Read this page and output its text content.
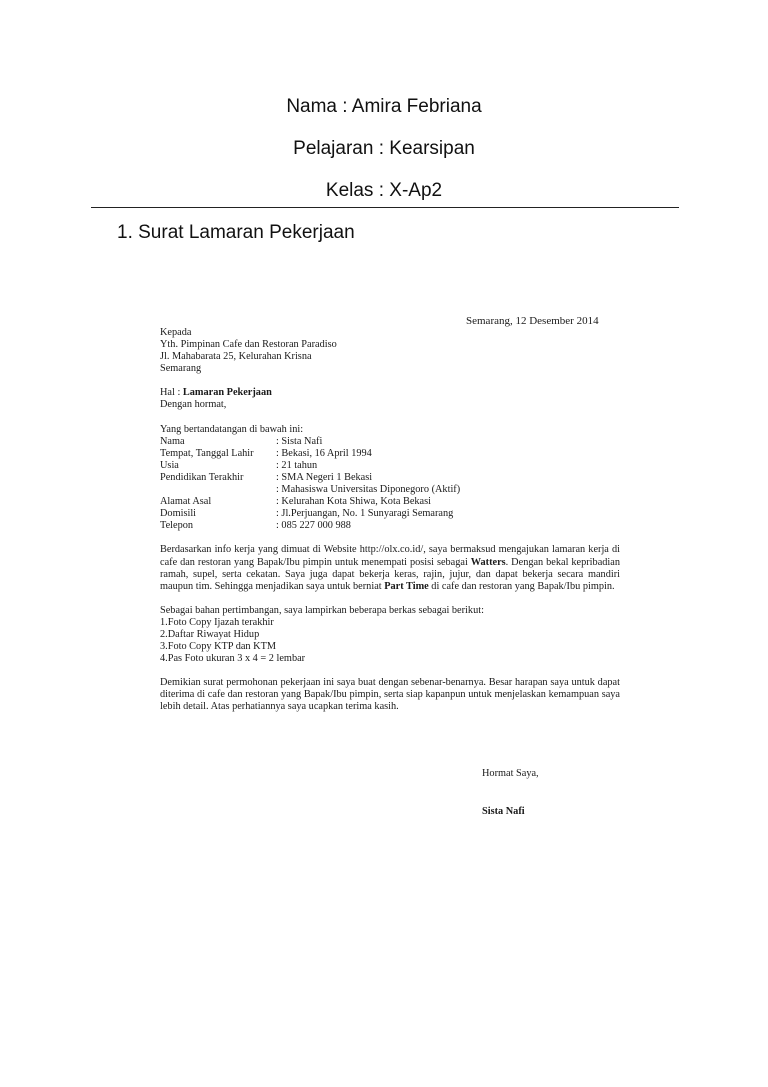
Nama : Amira Febriana
Pelajaran : Kearsipan
Kelas : X-Ap2
1. Surat Lamaran Pekerjaan
Semarang, 12 Desember 2014
Kepada
Yth. Pimpinan Cafe dan Restoran Paradiso
Jl. Mahabarata 25, Kelurahan Krisna
Semarang
Hal : Lamaran Pekerjaan
Dengan hormat,
Yang bertandatangan di bawah ini:
Nama	: Sista Nafi
Tempat, Tanggal Lahir	: Bekasi, 16 April 1994
Usia	: 21 tahun
Pendidikan Terakhir	: SMA Negeri 1 Bekasi
: Mahasiswa Universitas Diponegoro (Aktif)
Alamat Asal	: Kelurahan Kota Shiwa, Kota Bekasi
Domisili	: Jl.Perjuangan, No. 1 Sunyaragi Semarang
Telepon	: 085 227 000 988
Berdasarkan info kerja yang dimuat di Website http://olx.co.id/, saya bermaksud mengajukan lamaran kerja di cafe dan restoran yang Bapak/Ibu pimpin untuk menempati posisi sebagai Watters. Dengan bekal kepribadian ramah, supel, serta cekatan. Saya juga dapat bekerja keras, rajin, jujur, dan dapat bekerja secara mandiri maupun tim. Sehingga menjadikan saya untuk berniat Part Time di cafe dan restoran yang Bapak/Ibu pimpin.
Sebagai bahan pertimbangan, saya lampirkan beberapa berkas sebagai berikut:
1.Foto Copy Ijazah terakhir
2.Daftar Riwayat Hidup
3.Foto Copy KTP dan KTM
4.Pas Foto ukuran 3 x 4 = 2 lembar
Demikian surat permohonan pekerjaan ini saya buat dengan sebenar-benarnya. Besar harapan saya untuk dapat diterima di cafe dan restoran yang Bapak/Ibu pimpin, serta siap kapanpun untuk menjelaskan kemampuan saya lebih detail. Atas perhatiannya saya ucapkan terima kasih.
Hormat Saya,
Sista Nafi
